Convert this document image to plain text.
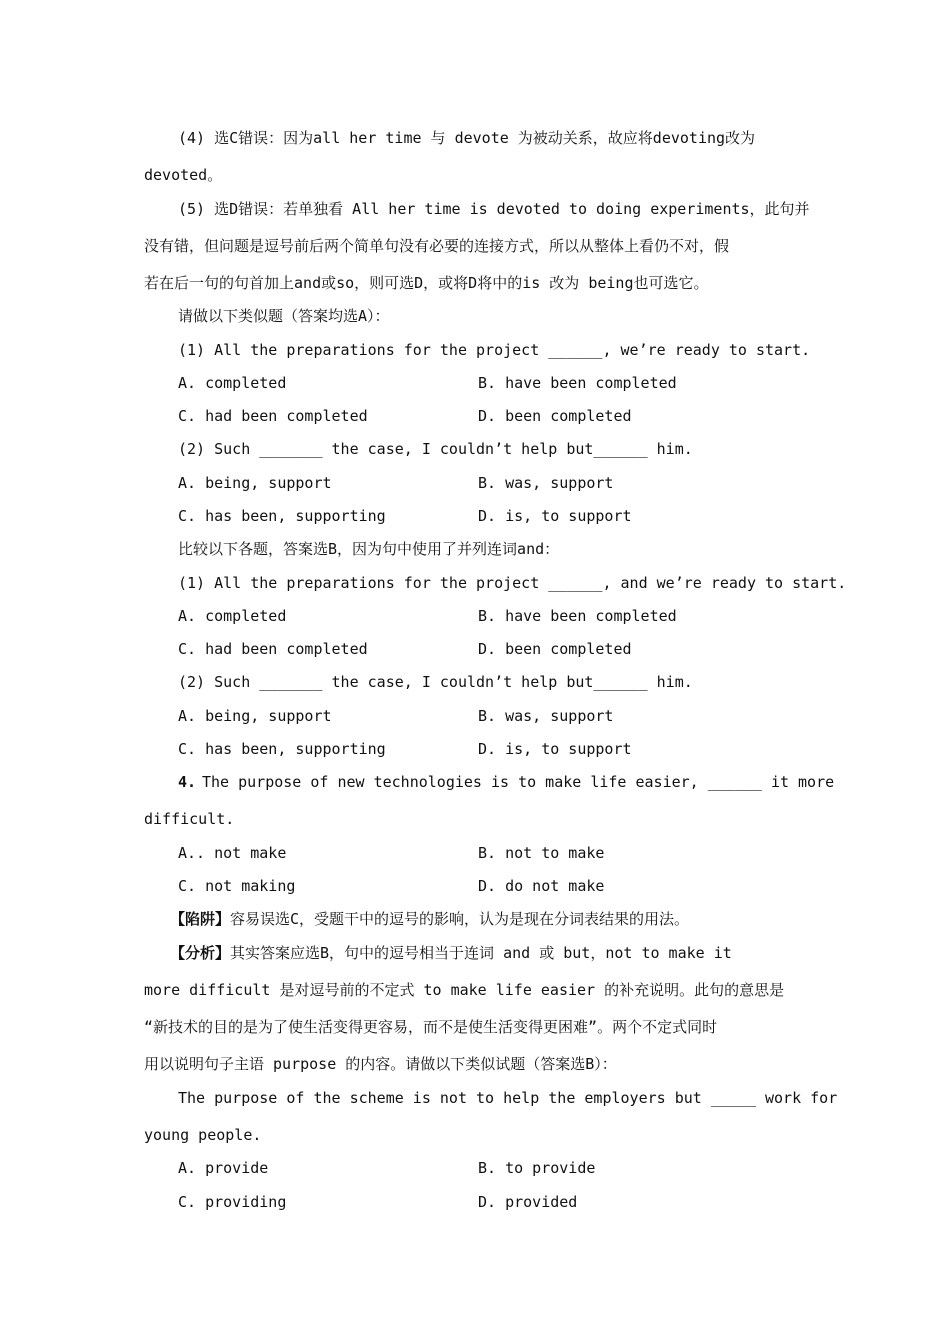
(4) 选C错误：因为all her time 与 devote 为被动关系，故应将devoting改为
devoted。
(5) 选D错误：若单独看 All her time is devoted to doing experiments，此句并
没有错，但问题是逗号前后两个简单句没有必要的连接方式，所以从整体上看仍不对，假
若在后一句的句首加上and或so，则可选D，或将D将中的is 改为 being也可选它。
请做以下类似题（答案均选A）：
(1) All the preparations for the project ______, we’re ready to start.
A. completed	B. have been completed
C. had been completed	D. been completed
(2) Such _______ the case, I couldn’t help but______ him.
A. being, support	B. was, support
C. has been, supporting	D. is, to support
比较以下各题，答案选B，因为句中使用了并列连词and：
(1) All the preparations for the project ______, and we’re ready to start.
A. completed	B. have been completed
C. had been completed	D. been completed
(2) Such _______ the case, I couldn’t help but______ him.
A. being, support	B. was, support
C. has been, supporting	D. is, to support
4. The purpose of new technologies is to make life easier, ______ it more
difficult.
A.. not make	B. not to make
C. not making	D. do not make
【陷阱】容易误选C，受题干中的逗号的影响，认为是现在分词表结果的用法。
【分析】其实答案应选B，句中的逗号相当于连词 and 或 but，not to make it
more difficult 是对逗号前的不定式 to make life easier 的补充说明。此句的意思是
“新技术的目的是为了使生活变得更容易，而不是使生活变得更困难”。两个不定式同时
用以说明句子主语 purpose 的内容。请做以下类似试题（答案选B）：
The purpose of the scheme is not to help the employers but _____ work for
young people.
A. provide	B. to provide
C. providing	D. provided
